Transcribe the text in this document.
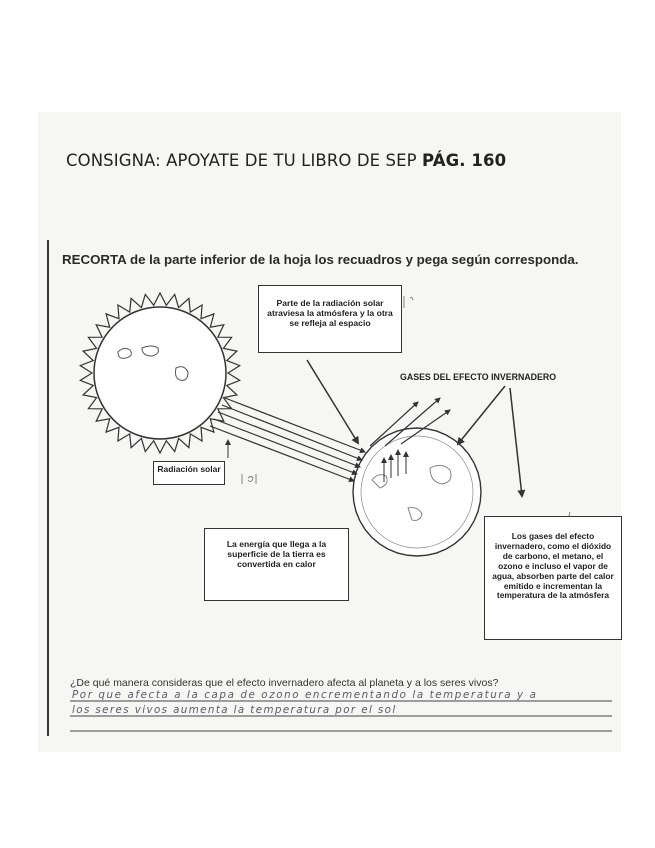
CONSIGNA: APOYATE DE TU LIBRO DE SEP PÁG. 160
RECORTA de la parte inferior de la hoja los recuadros y pega según corresponda.
GASES DEL EFECTO INVERNADERO
Parte de la radiación solar atraviesa la atmósfera y la otra se refleja al espacio
La energía que llega a la superficie de la tierra es convertida en calor
Los gases del efecto invernadero, como el dióxido de carbono, el metano, el ozono e incluso el vapor de agua, absorben parte del calor emitido e incrementan la temperatura de la atmósfera
Radiación solar
¿De qué manera consideras que el efecto invernadero afecta al planeta y a los seres vivos?
Por que afecta a la capa de ozono encrementando la temperatura y a
los seres vivos aumenta la temperatura por el sol
